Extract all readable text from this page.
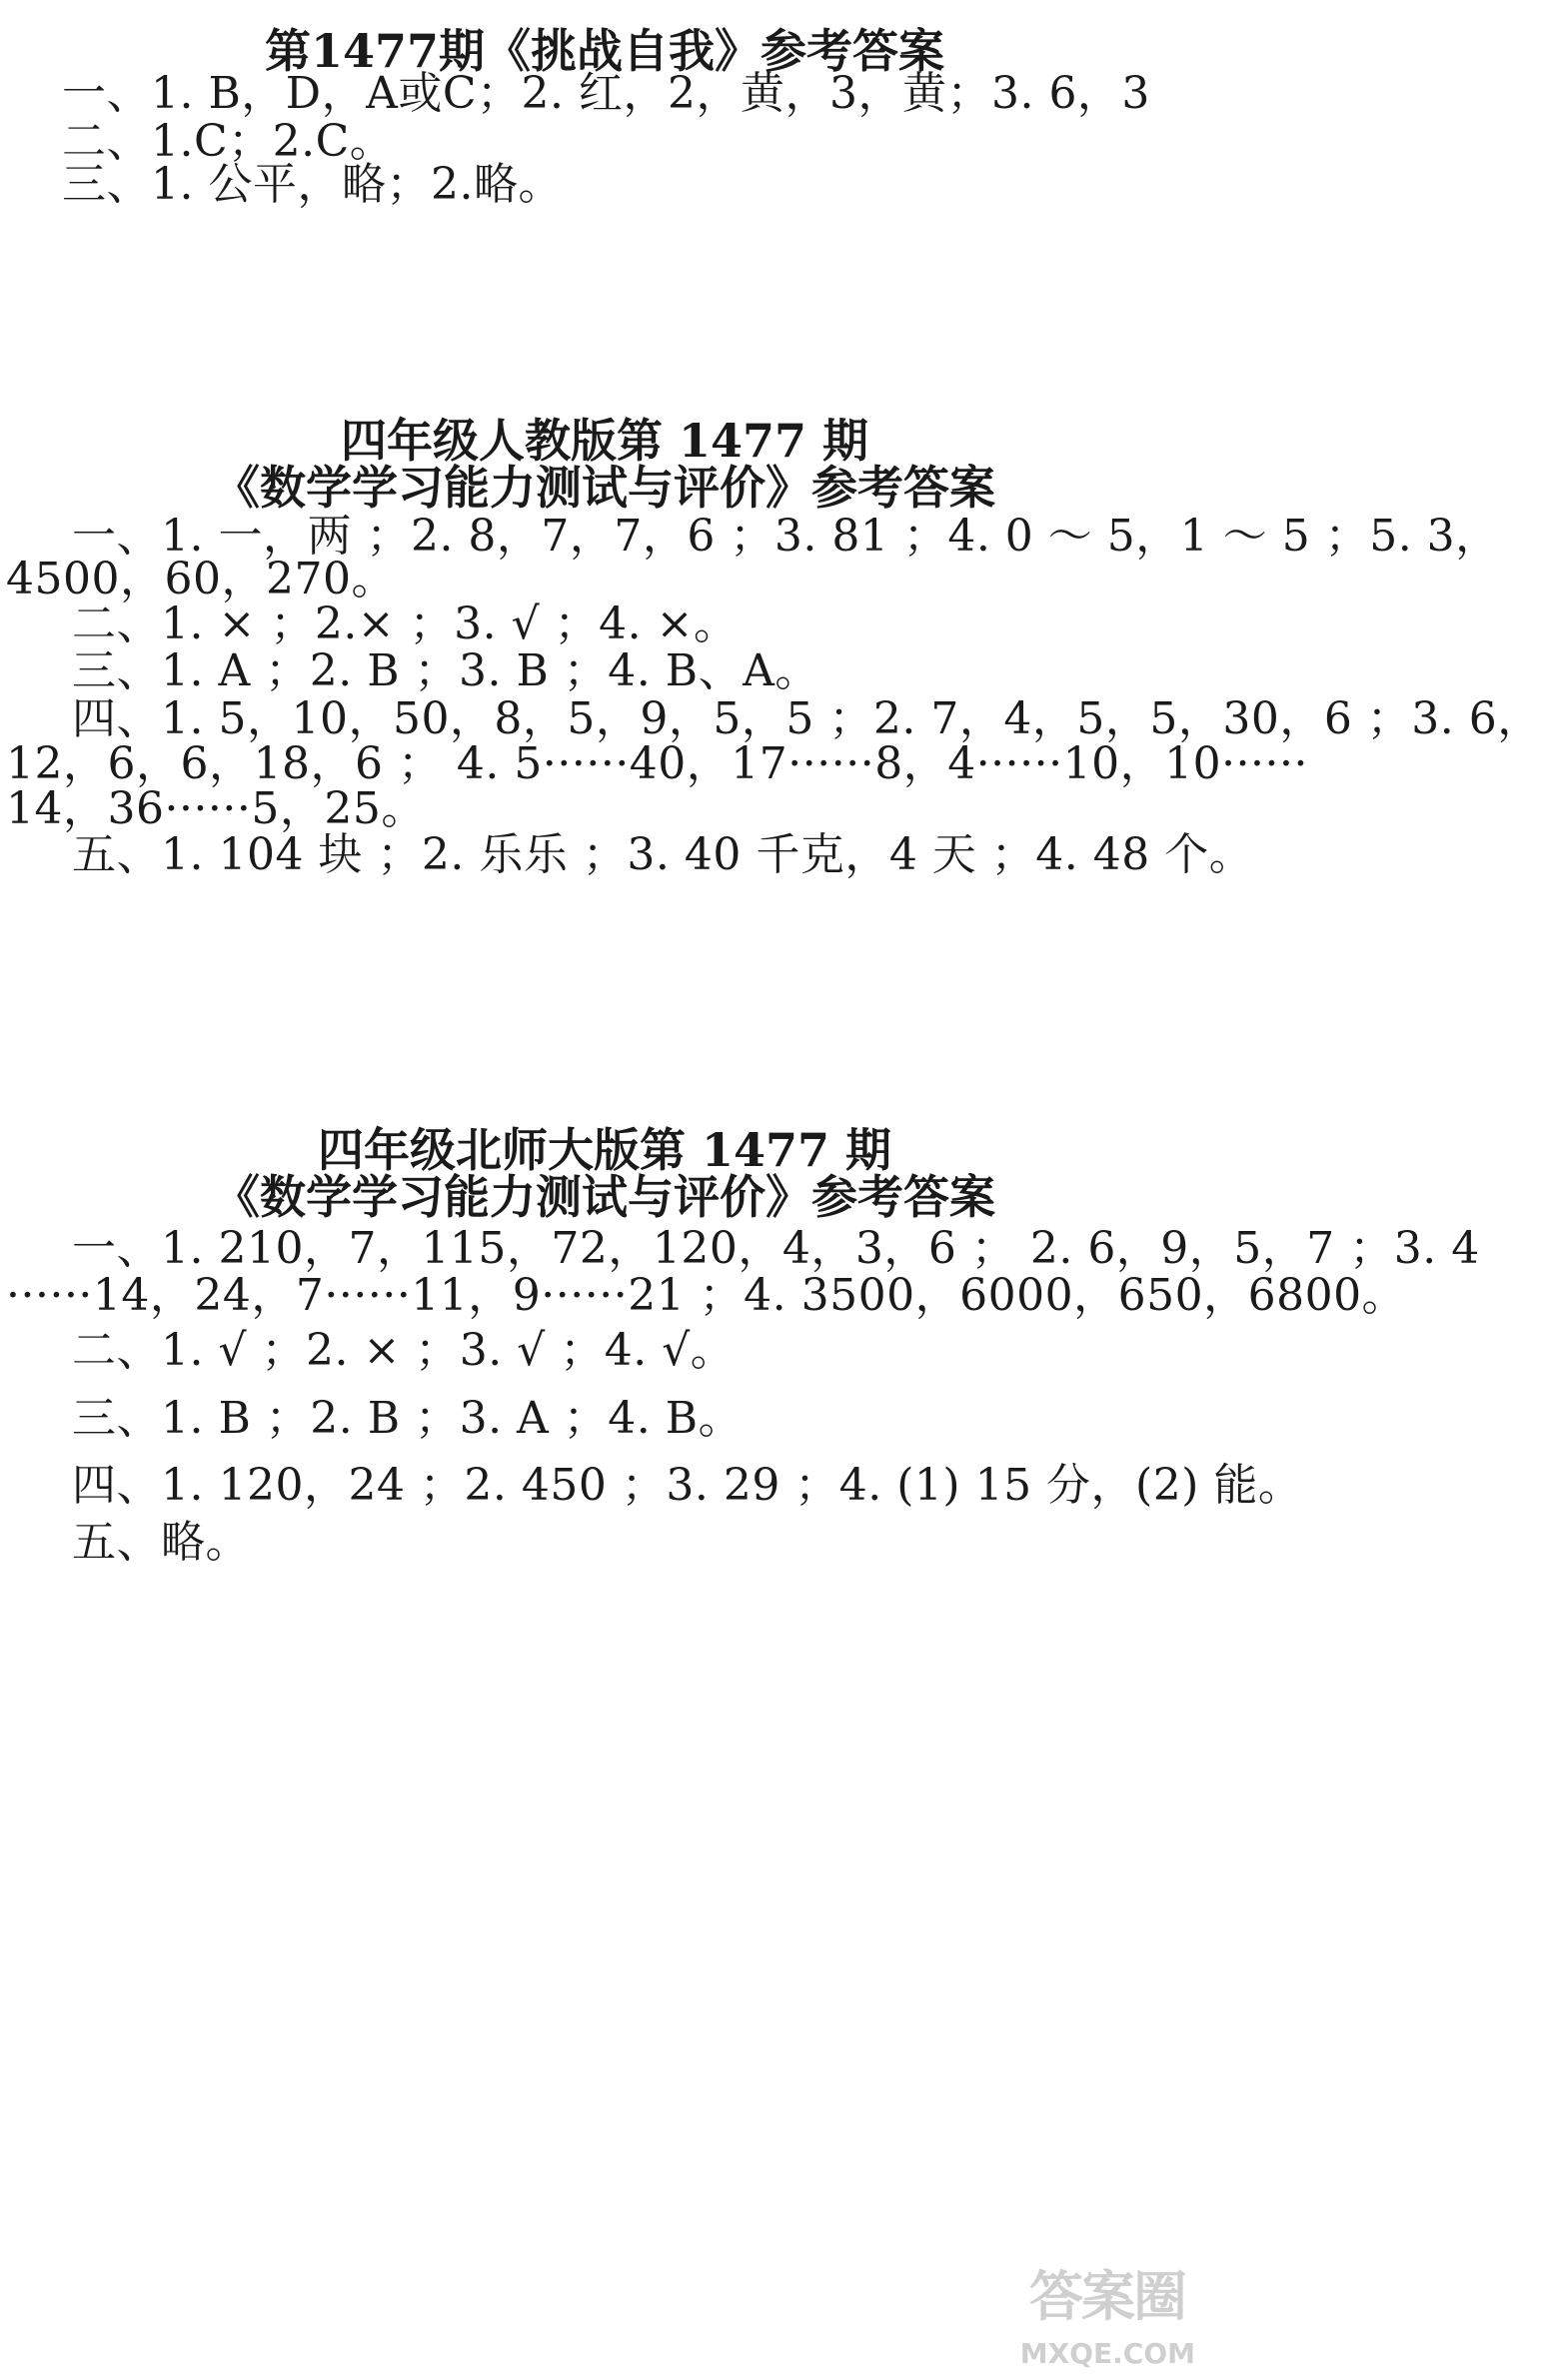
第1477期《挑战自我》参考答案
一、1. B，D，A或C；2. 红，2，黄，3，黄；3. 6，3
二、1.C；2.C。
三、1. 公平，略；2.略。
四年级人教版第 1477 期
《数学学习能力测试与评价》参考答案
一、1. 一，两 ；2. 8，7，7，6 ；3. 81 ；4. 0 ～ 5，1 ～ 5 ；5. 3，
4500，60，270。
二、1. × ；2.× ；3. √ ；4. ×。
三、1. A ；2. B ；3. B ；4. B、A。
四、1. 5，10，50，8，5，9，5，5 ；2. 7，4，5，5，30，6 ；3. 6，
12，6，6，18，6 ； 4. 5······40，17······8，4······10，10······
14，36······5，25。
五、1. 104 块 ；2. 乐乐 ；3. 40 千克，4 天 ；4. 48 个。
四年级北师大版第 1477 期
《数学学习能力测试与评价》参考答案
一、1. 210，7，115，72，120，4，3，6 ； 2. 6，9，5，7 ；3. 4
······14，24，7······11，9······21 ；4. 3500，6000，650，6800。
二、1. √ ；2. × ；3. √ ；4. √。
三、1. B ；2. B ；3. A ；4. B。
四、1. 120，24 ；2. 450 ；3. 29 ；4. (1) 15 分，(2) 能。
五、略。
答案圈
MXQE.COM
